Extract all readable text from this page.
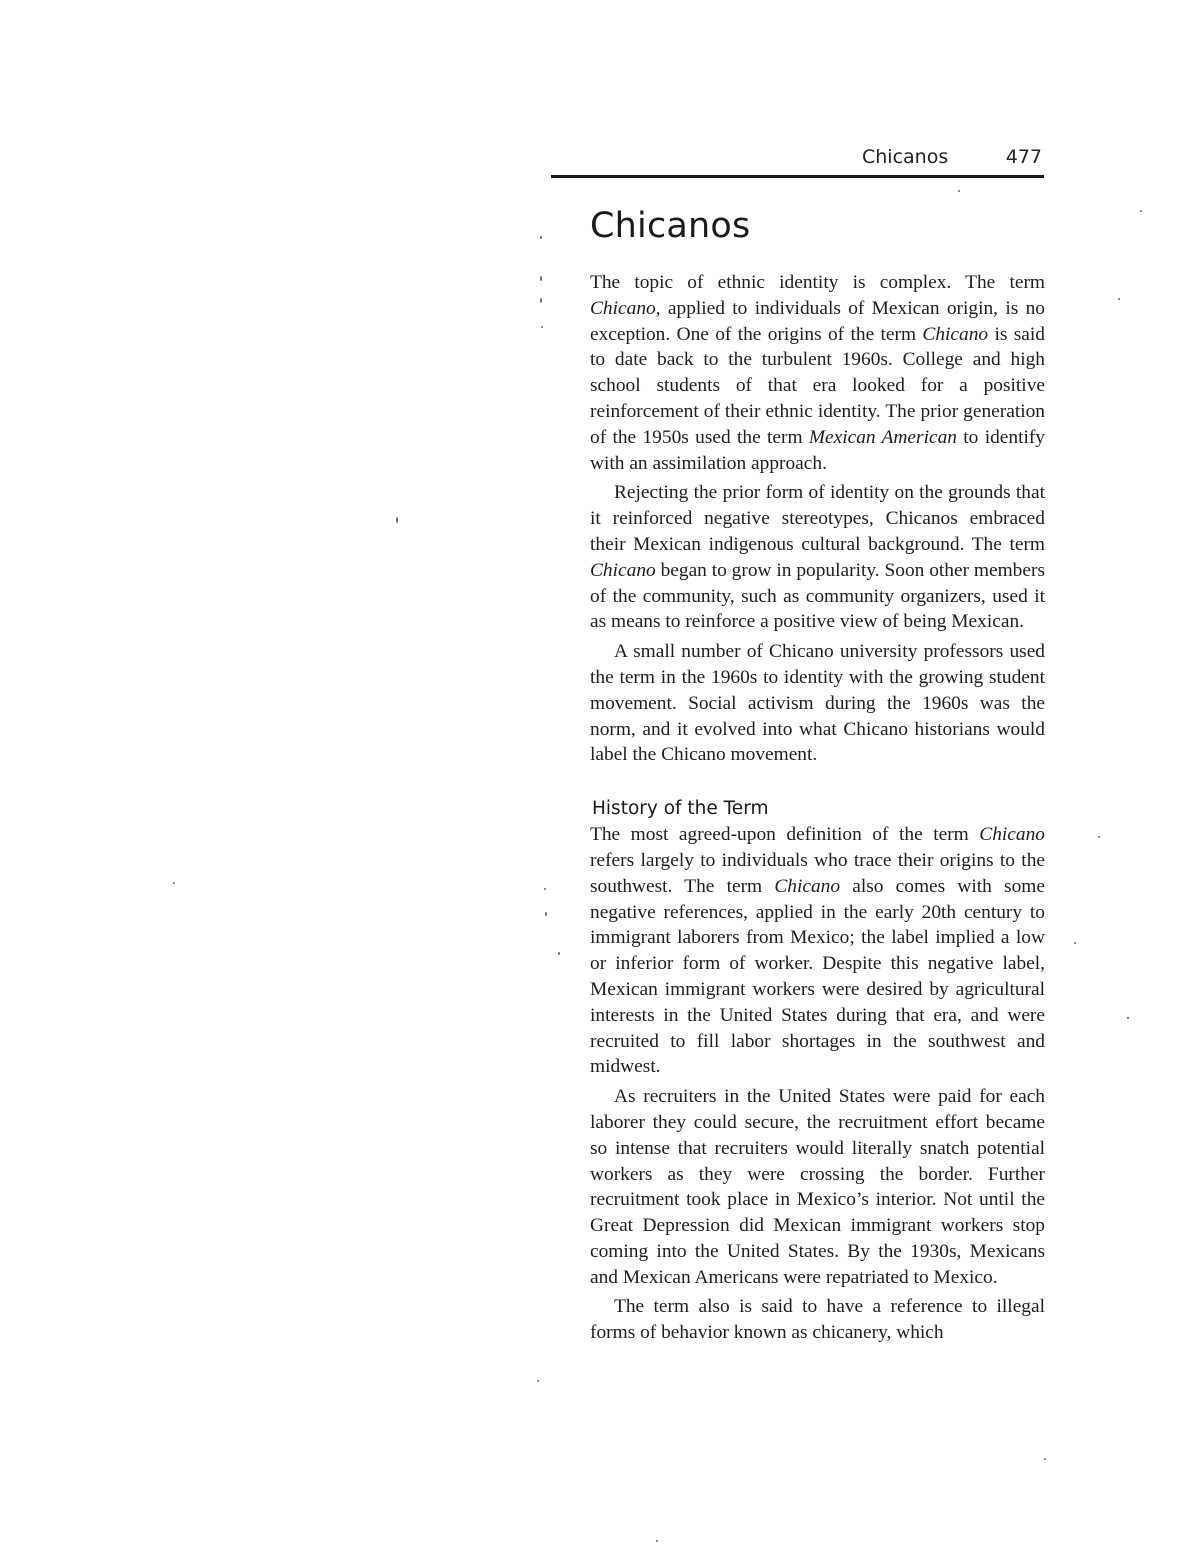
Chicanos	477
Chicanos

The topic of ethnic identity is complex. The term Chicano, applied to individuals of Mexican origin, is no exception. One of the origins of the term Chicano is said to date back to the turbulent 1960s. College and high school students of that era looked for a positive reinforcement of their ethnic identity. The prior generation of the 1950s used the term Mexican American to identify with an assimilation approach.

Rejecting the prior form of identity on the grounds that it reinforced negative stereotypes, Chicanos embraced their Mexican indigenous cultural background. The term Chicano began to grow in popularity. Soon other members of the community, such as community organizers, used it as means to reinforce a positive view of being Mexican.

A small number of Chicano university professors used the term in the 1960s to identity with the growing student movement. Social activism during the 1960s was the norm, and it evolved into what Chicano historians would label the Chicano movement.

History of the Term

The most agreed-upon definition of the term Chicano refers largely to individuals who trace their origins to the southwest. The term Chicano also comes with some negative references, applied in the early 20th century to immigrant laborers from Mexico; the label implied a low or inferior form of worker. Despite this negative label, Mexican immigrant workers were desired by agricultural interests in the United States during that era, and were recruited to fill labor shortages in the southwest and midwest.

As recruiters in the United States were paid for each laborer they could secure, the recruitment effort became so intense that recruiters would literally snatch potential workers as they were crossing the border. Further recruitment took place in Mexico’s interior. Not until the Great Depression did Mexican immigrant workers stop coming into the United States. By the 1930s, Mexicans and Mexican Americans were repatriated to Mexico.

The term also is said to have a reference to illegal forms of behavior known as chicanery, which
